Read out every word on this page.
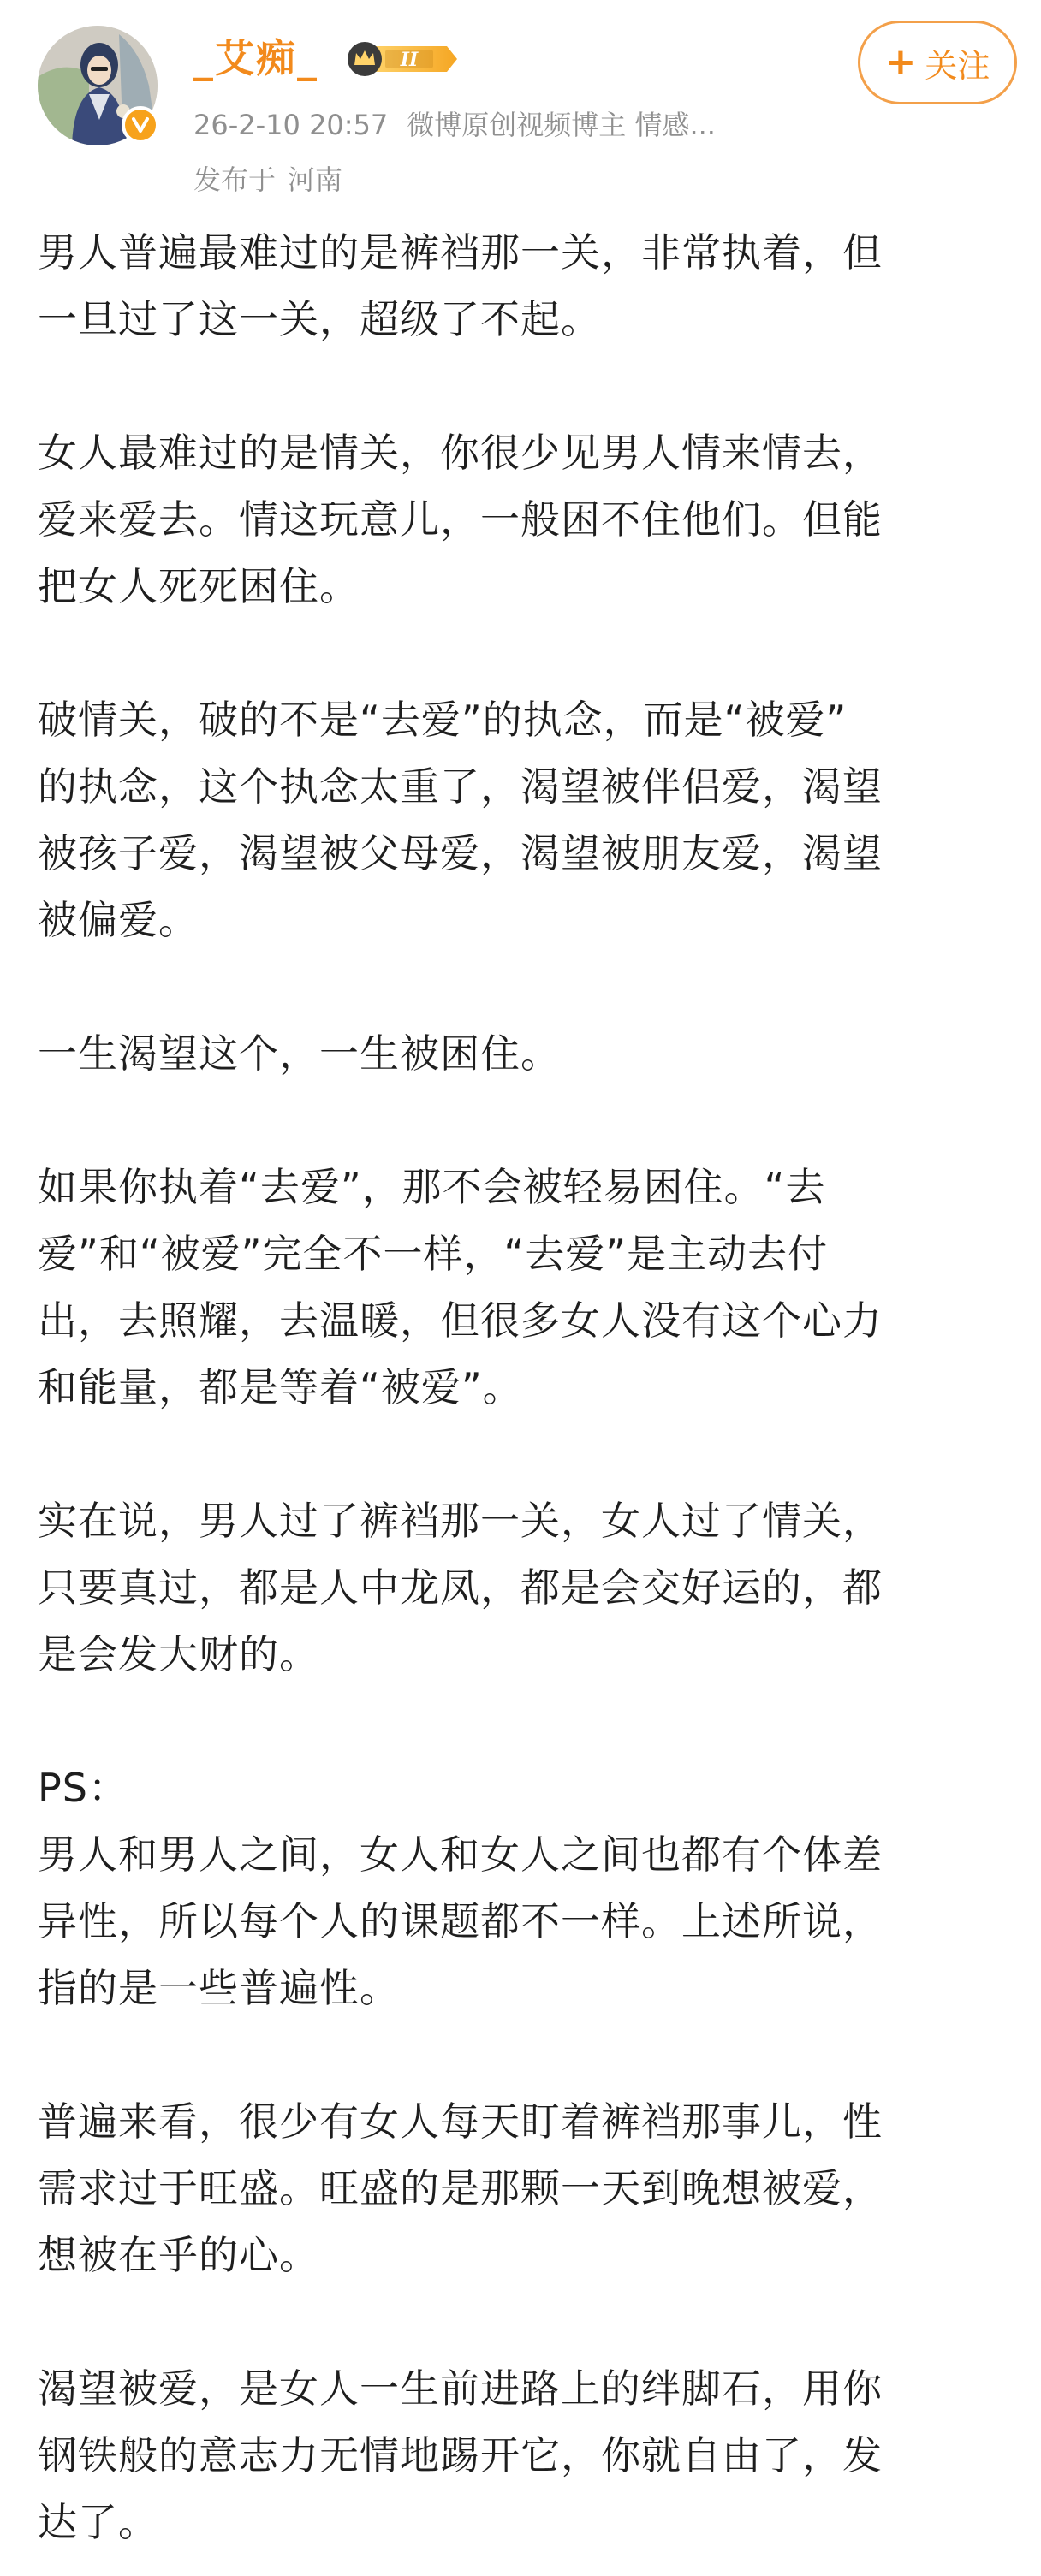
_艾痴_	II
26-2-10 20:57 微博原创视频博主 情感...
发布于 河南
+ 关注

男人普遍最难过的是裤裆那一关，非常执着，但
一旦过了这一关，超级了不起。

女人最难过的是情关，你很少见男人情来情去，
爱来爱去。情这玩意儿，一般困不住他们。但能
把女人死死困住。

破情关，破的不是“去爱”的执念，而是“被爱”
的执念，这个执念太重了，渴望被伴侣爱，渴望
被孩子爱，渴望被父母爱，渴望被朋友爱，渴望
被偏爱。

一生渴望这个，一生被困住。

如果你执着“去爱”，那不会被轻易困住。“去
爱”和“被爱”完全不一样，“去爱”是主动去付
出，去照耀，去温暖，但很多女人没有这个心力
和能量，都是等着“被爱”。

实在说，男人过了裤裆那一关，女人过了情关，
只要真过，都是人中龙凤，都是会交好运的，都
是会发大财的。

PS：
男人和男人之间，女人和女人之间也都有个体差
异性，所以每个人的课题都不一样。上述所说，
指的是一些普遍性。

普遍来看，很少有女人每天盯着裤裆那事儿，性
需求过于旺盛。旺盛的是那颗一天到晚想被爱，
想被在乎的心。

渴望被爱，是女人一生前进路上的绊脚石，用你
钢铁般的意志力无情地踢开它，你就自由了，发
达了。
